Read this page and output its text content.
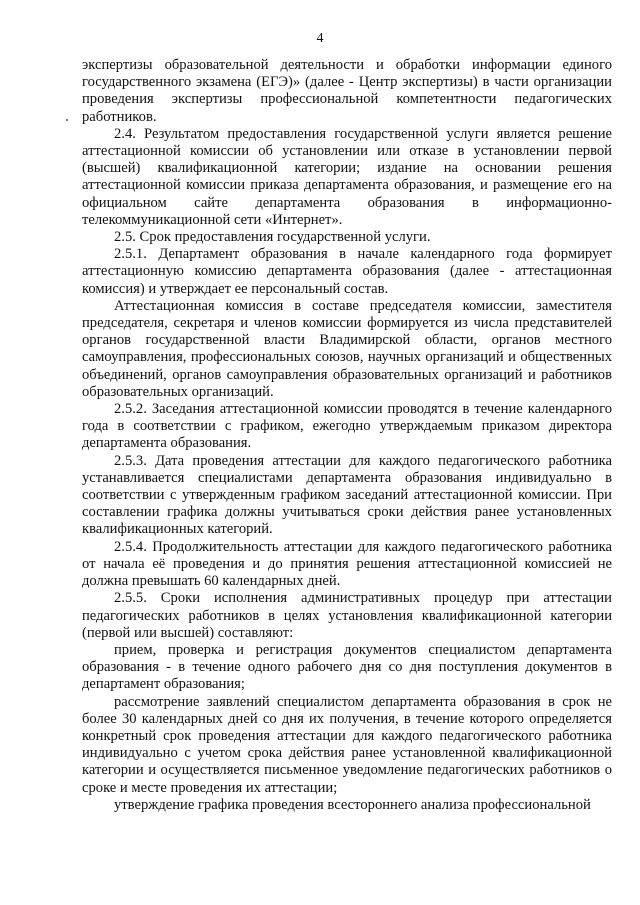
4

экспертизы образовательной деятельности и обработки информации единого государственного экзамена (ЕГЭ)» (далее - Центр экспертизы) в части организации проведения экспертизы профессиональной компетентности педагогических работников.

2.4. Результатом предоставления государственной услуги является решение аттестационной комиссии об установлении или отказе в установлении первой (высшей) квалификационной категории; издание на основании решения аттестационной комиссии приказа департамента образования, и размещение его на официальном сайте департамента образования в информационно-телекоммуникационной сети «Интернет».

2.5. Срок предоставления государственной услуги.

2.5.1. Департамент образования в начале календарного года формирует аттестационную комиссию департамента образования (далее - аттестационная комиссия) и утверждает ее персональный состав.

Аттестационная комиссия в составе председателя комиссии, заместителя председателя, секретаря и членов комиссии формируется из числа представителей органов государственной власти Владимирской области, органов местного самоуправления, профессиональных союзов, научных организаций и общественных объединений, органов самоуправления образовательных организаций и работников образовательных организаций.

2.5.2. Заседания аттестационной комиссии проводятся в течение календарного года в соответствии с графиком, ежегодно утверждаемым приказом директора департамента образования.

2.5.3. Дата проведения аттестации для каждого педагогического работника устанавливается специалистами департамента образования индивидуально в соответствии с утвержденным графиком заседаний аттестационной комиссии. При составлении графика должны учитываться сроки действия ранее установленных квалификационных категорий.

2.5.4. Продолжительность аттестации для каждого педагогического работника от начала её проведения и до принятия решения аттестационной комиссией не должна превышать 60 календарных дней.

2.5.5. Сроки исполнения административных процедур при аттестации педагогических работников в целях установления квалификационной категории (первой или высшей) составляют:

прием, проверка и регистрация документов специалистом департамента образования - в течение одного рабочего дня со дня поступления документов в департамент образования;

рассмотрение заявлений специалистом департамента образования в срок не более 30 календарных дней со дня их получения, в течение которого определяется конкретный срок проведения аттестации для каждого педагогического работника индивидуально с учетом срока действия ранее установленной квалификационной категории и осуществляется письменное уведомление педагогических работников о сроке и месте проведения их аттестации;

утверждение графика проведения всестороннего анализа профессиональной
